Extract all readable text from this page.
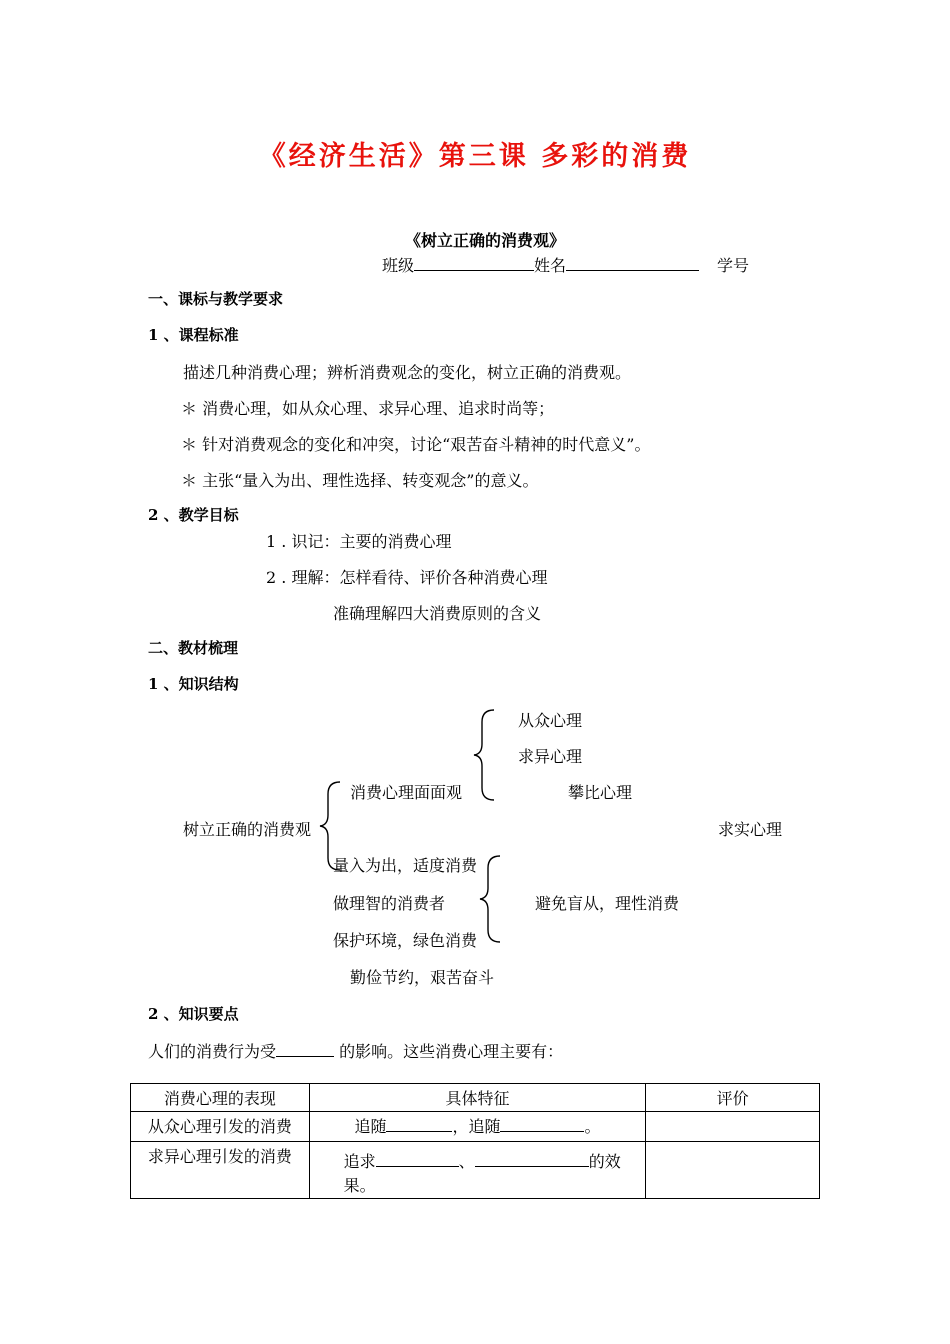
《经济生活》第三课 多彩的消费
《树立正确的消费观》
班级	姓名	学号
一、课标与教学要求
1 、课程标准
描述几种消费心理；辨析消费观念的变化，树立正确的消费观。
＊ 消费心理，如从众心理、求异心理、追求时尚等；
＊ 针对消费观念的变化和冲突，讨论“艰苦奋斗精神的时代意义”。
＊ 主张“量入为出、理性选择、转变观念”的意义。
2 、教学目标
1 . 识记：主要的消费心理
2 . 理解：怎样看待、评价各种消费心理
准确理解四大消费原则的含义
二、教材梳理
1 、知识结构
从众心理
求异心理
消费心理面面观	攀比心理
树立正确的消费观	求实心理
量入为出，适度消费
做理智的消费者	避免盲从，理性消费
保护环境，绿色消费
勤俭节约，艰苦奋斗
2 、知识要点
人们的消费行为受	的影响。这些消费心理主要有：
消费心理的表现	具体特征	评价
从众心理引发的消费	追随 ，追随 。	
求异心理引发的消费	追求 、 的效果。	
